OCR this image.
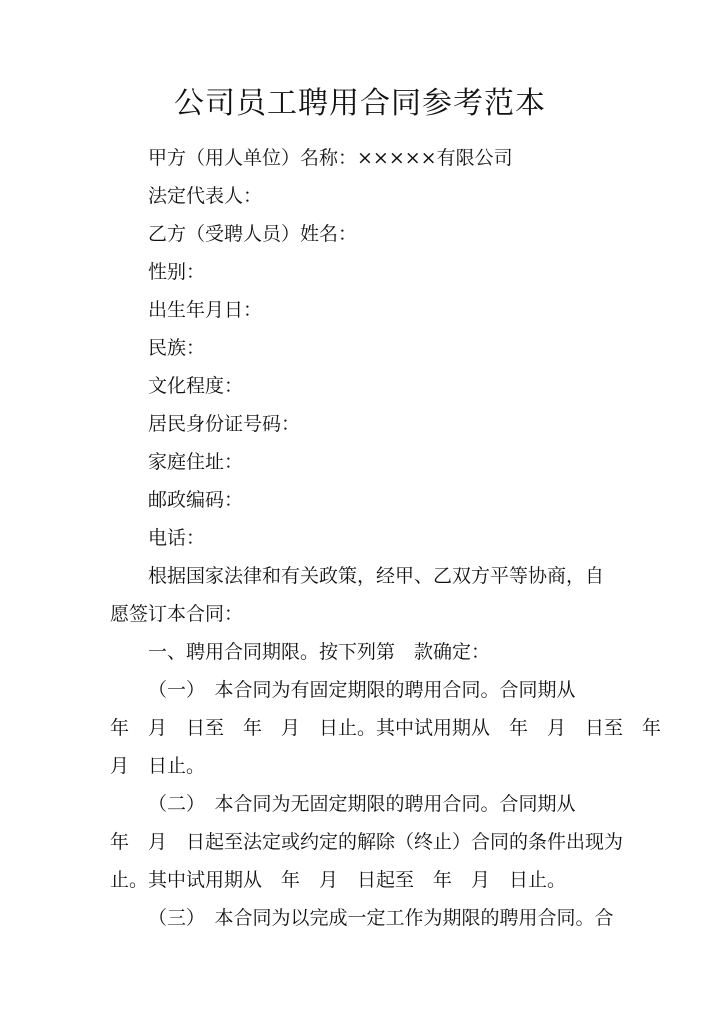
公司员工聘用合同参考范本

甲方（用人单位）名称：×××××有限公司

法定代表人：

乙方（受聘人员）姓名：

性别：

出生年月日：

民族：

文化程度：

居民身份证号码：

家庭住址：

邮政编码：

电话：

根据国家法律和有关政策，经甲、乙双方平等协商，自

愿签订本合同：

一、聘用合同期限。按下列第　款确定：

（一）　本合同为有固定期限的聘用合同。合同期从

年　月　日至　年　月　日止。其中试用期从　年　月　日至　年

月　日止。

（二）　本合同为无固定期限的聘用合同。合同期从

年　月　日起至法定或约定的解除（终止）合同的条件出现为

止。其中试用期从　年　月　日起至　年　月　日止。

（三）　本合同为以完成一定工作为期限的聘用合同。合
